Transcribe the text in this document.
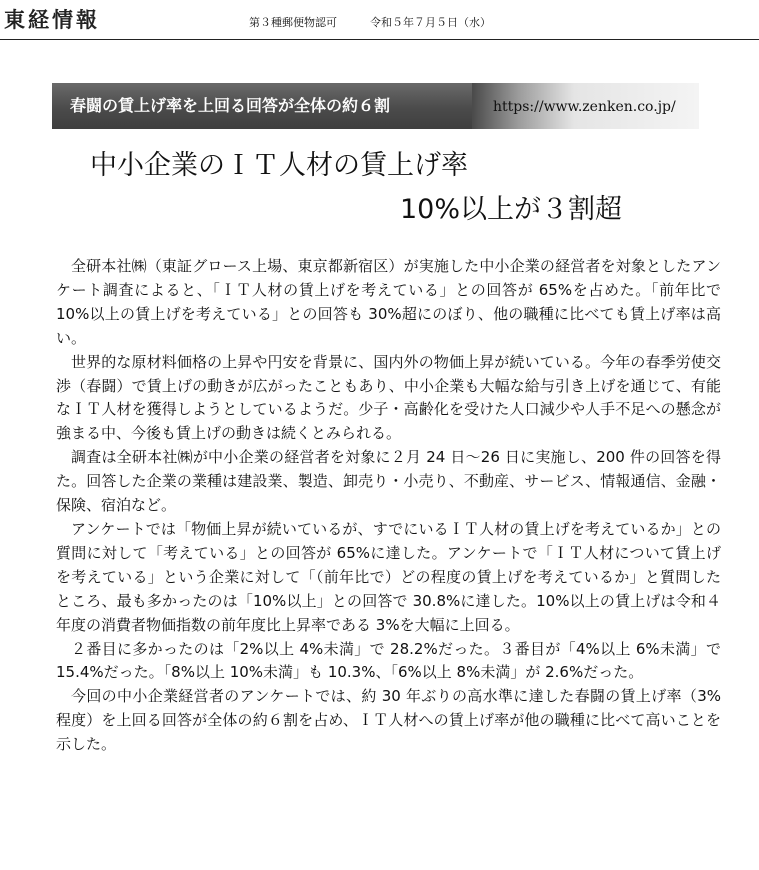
東経情報	第３種郵便物認可	令和５年７月５日（水）
春闘の賃上げ率を上回る回答が全体の約６割	https://www.zenken.co.jp/
中小企業のＩＴ人材の賃上げ率
10%以上が３割超

全研本社㈱（東証グロース上場、東京都新宿区）が実施した中小企業の経営者を対象としたアンケート調査によると、「ＩＴ人材の賃上げを考えている」との回答が 65%を占めた。「前年比で 10%以上の賃上げを考えている」との回答も 30%超にのぼり、他の職種に比べても賃上げ率は高い。

世界的な原材料価格の上昇や円安を背景に、国内外の物価上昇が続いている。今年の春季労使交渉（春闘）で賃上げの動きが広がったこともあり、中小企業も大幅な給与引き上げを通じて、有能なＩＴ人材を獲得しようとしているようだ。少子・高齢化を受けた人口減少や人手不足への懸念が強まる中、今後も賃上げの動きは続くとみられる。

調査は全研本社㈱が中小企業の経営者を対象に２月 24 日～26 日に実施し、200 件の回答を得た。回答した企業の業種は建設業、製造、卸売り・小売り、不動産、サービス、情報通信、金融・保険、宿泊など。

アンケートでは「物価上昇が続いているが、すでにいるＩＴ人材の賃上げを考えているか」との質問に対して「考えている」との回答が 65%に達した。アンケートで「ＩＴ人材について賃上げを考えている」という企業に対して「（前年比で）どの程度の賃上げを考えているか」と質問したところ、最も多かったのは「10%以上」との回答で 30.8%に達した。10%以上の賃上げは令和４年度の消費者物価指数の前年度比上昇率である 3%を大幅に上回る。

２番目に多かったのは「2%以上 4%未満」で 28.2%だった。３番目が「4%以上 6%未満」で 15.4%だった。「8%以上 10%未満」も 10.3%、「6%以上 8%未満」が 2.6%だった。

今回の中小企業経営者のアンケートでは、約 30 年ぶりの高水準に達した春闘の賃上げ率（3%程度）を上回る回答が全体の約６割を占め、ＩＴ人材への賃上げ率が他の職種に比べて高いことを示した。
